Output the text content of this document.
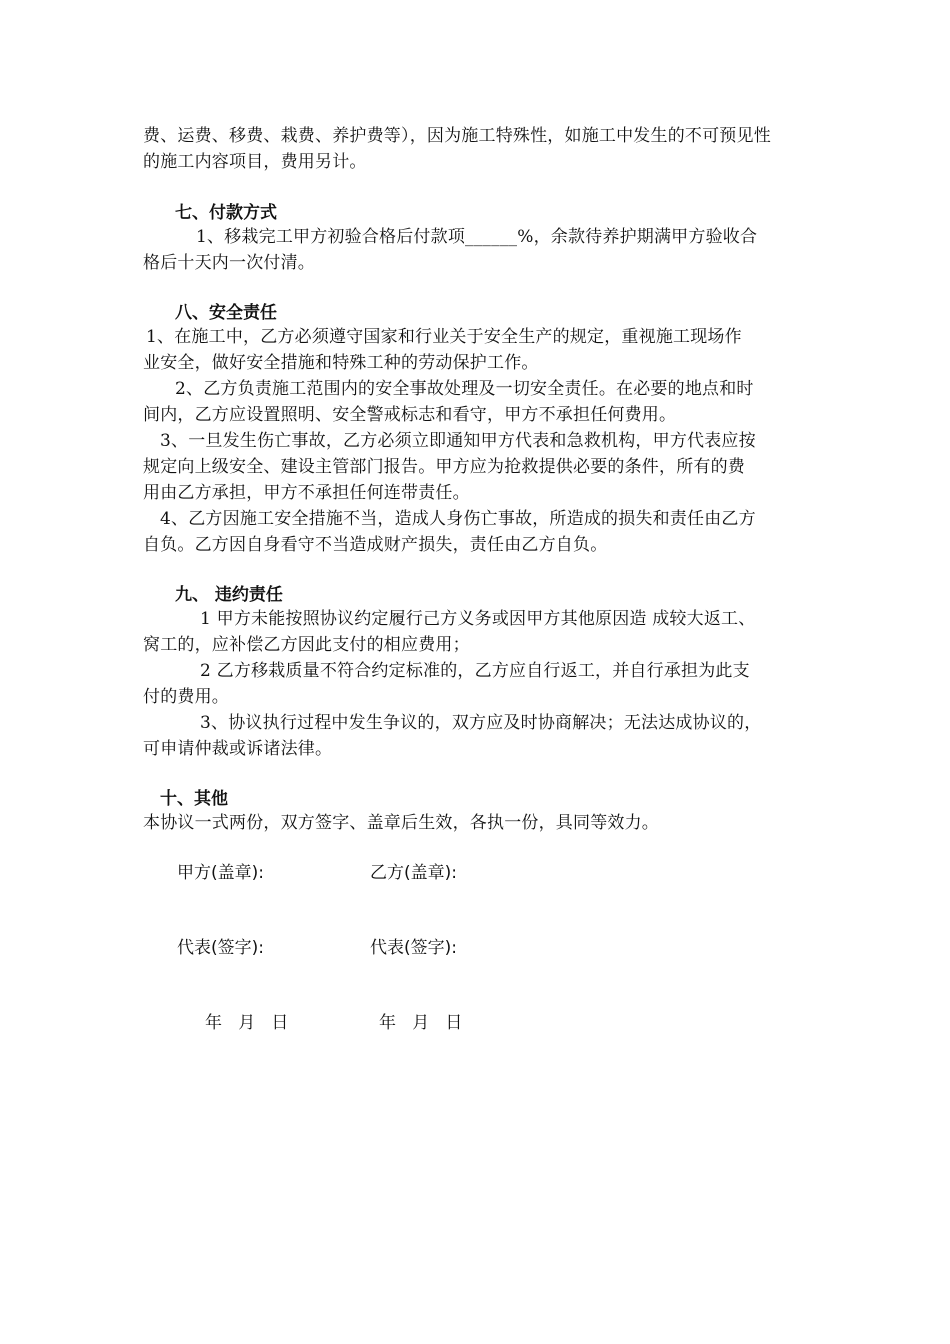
费、运费、移费、栽费、养护费等），因为施工特殊性，如施工中发生的不可预见性
的施工内容项目，费用另计。
七、付款方式
1、移栽完工甲方初验合格后付款项______%，余款待养护期满甲方验收合
格后十天内一次付清。
八、安全责任
1、在施工中，乙方必须遵守国家和行业关于安全生产的规定，重视施工现场作
业安全，做好安全措施和特殊工种的劳动保护工作。
2、乙方负责施工范围内的安全事故处理及一切安全责任。在必要的地点和时
间内，乙方应设置照明、安全警戒标志和看守，甲方不承担任何费用。
3、一旦发生伤亡事故，乙方必须立即通知甲方代表和急救机构，甲方代表应按
规定向上级安全、建设主管部门报告。甲方应为抢救提供必要的条件，所有的费
用由乙方承担，甲方不承担任何连带责任。
4、乙方因施工安全措施不当，造成人身伤亡事故，所造成的损失和责任由乙方
自负。乙方因自身看守不当造成财产损失，责任由乙方自负。
九、 违约责任
1 甲方未能按照协议约定履行己方义务或因甲方其他原因造 成较大返工、
窝工的，应补偿乙方因此支付的相应费用；
2 乙方移栽质量不符合约定标准的，乙方应自行返工，并自行承担为此支
付的费用。
3、协议执行过程中发生争议的，双方应及时协商解决；无法达成协议的，
可申请仲裁或诉诸法律。
十、其他
本协议一式两份，双方签字、盖章后生效，各执一份，具同等效力。
甲方(盖章):	乙方(盖章):
代表(签字):	代表(签字):
年   月   日	年   月   日
